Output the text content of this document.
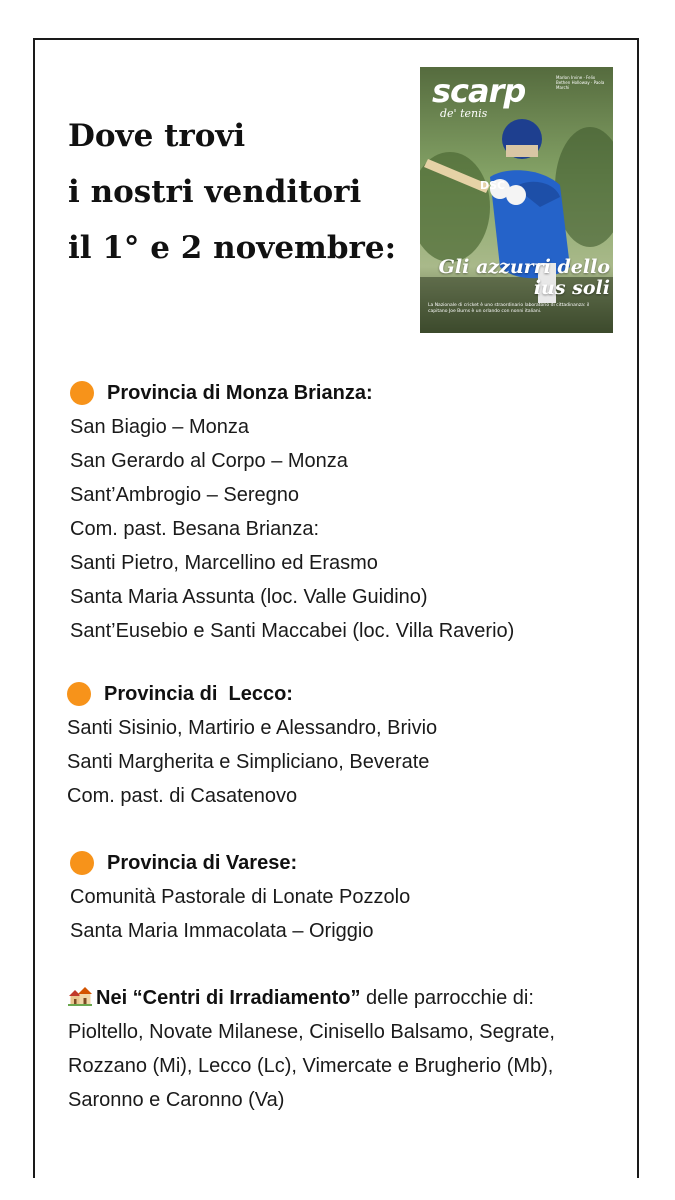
Dove trovi
i nostri venditori
il 1° e 2 novembre:
DSC
scarp
de' tenis
Marlon Irvine · Felix Bethen Holloway · Paola Marchi
Gli azzurri dello ius soli
La Nazionale di cricket è uno straordinario laboratorio di cittadinanza: il capitano Joe Burns è un orlando con nonni italiani.
Provincia di Monza Brianza:
San Biagio – Monza
San Gerardo al Corpo – Monza
Sant’Ambrogio – Seregno
Com. past. Besana Brianza:
Santi Pietro, Marcellino ed Erasmo
Santa Maria Assunta (loc. Valle Guidino)
Sant’Eusebio e Santi Maccabei (loc. Villa Raverio)
Provincia di  Lecco:
Santi Sisinio, Martirio e Alessandro, Brivio
Santi Margherita e Simpliciano, Beverate
Com. past. di Casatenovo
Provincia di Varese:
Comunità Pastorale di Lonate Pozzolo
Santa Maria Immacolata – Origgio
Nei “Centri di Irradiamento” delle parrocchie di: Pioltello, Novate Milanese, Cinisello Balsamo, Segrate, Rozzano (Mi), Lecco (Lc), Vimercate e Brugherio (Mb), Saronno e Caronno (Va)
